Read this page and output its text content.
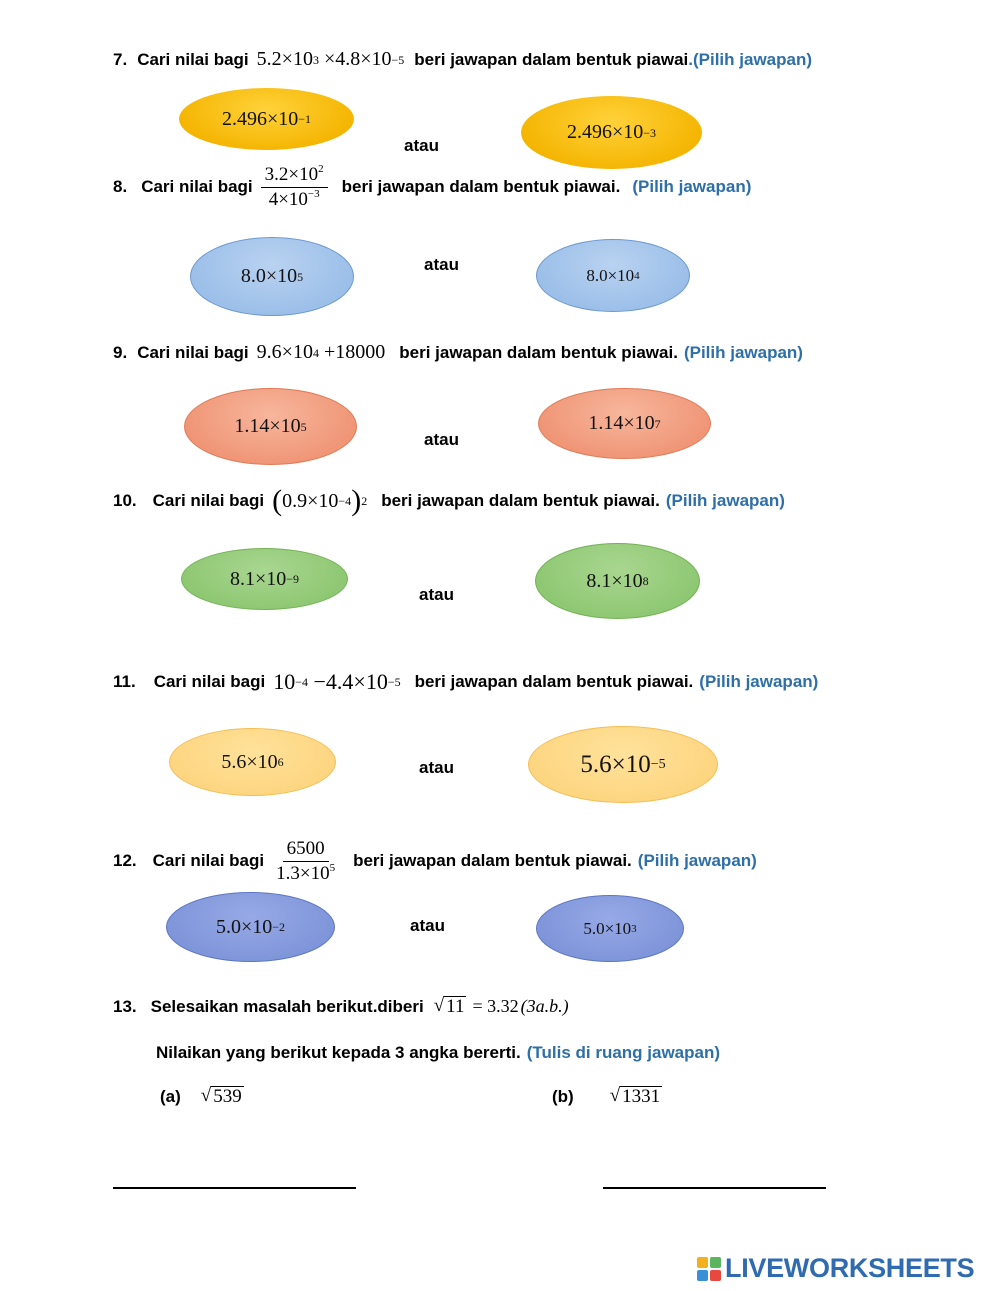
7. Cari nilai bagi 5.2 × 10 3
× 4.8 × 10 −5 beri jawapan dalam bentuk piawai .(Pilih jawapan)
2.496 × 10 −1
atau
2.496 × 10 −3
8. Cari nilai bagi $\frac{3.2\times 10^2}{4\times 10^{-3}}$ beri jawapan dalam bentuk piawai. (Pilih jawapan)
8.0 × 10 5
atau
8.0 × 10 4
9. Cari nilai bagi 9.6 × 10 4
+ 18000 beri jawapan dalam bentuk piawai. (Pilih jawapan)
1.14 × 10 5
atau
1.14 × 10 7
10. Cari nilai bagi ( 0.9 × 10 −4 ) 2 beri jawapan dalam bentuk piawai. (Pilih jawapan)
8.1 × 10 −9
atau
8.1 × 10 8
11. Cari nilai bagi 10 −4
− 4.4 × 10 −5 beri jawapan dalam bentuk piawai. (Pilih jawapan)
5.6 × 10 6	atau	5.6 × 10 −5
12. Cari nilai bagi $\frac{6500}{1.3\times 10^5}$ beri jawapan dalam bentuk piawai. (Pilih jawapan)
5.0 × 10 −2	atau	5.0 × 10 3
13. Selesaikan masalah berikut.diberi √ 11 = 3.32 (3a.b.)
Nilaikan yang berikut kepada 3 angka bererti. (Tulis di ruang jawapan)
(a) √ 539	(b) √ 1331
LIVEWORKSHEETS
